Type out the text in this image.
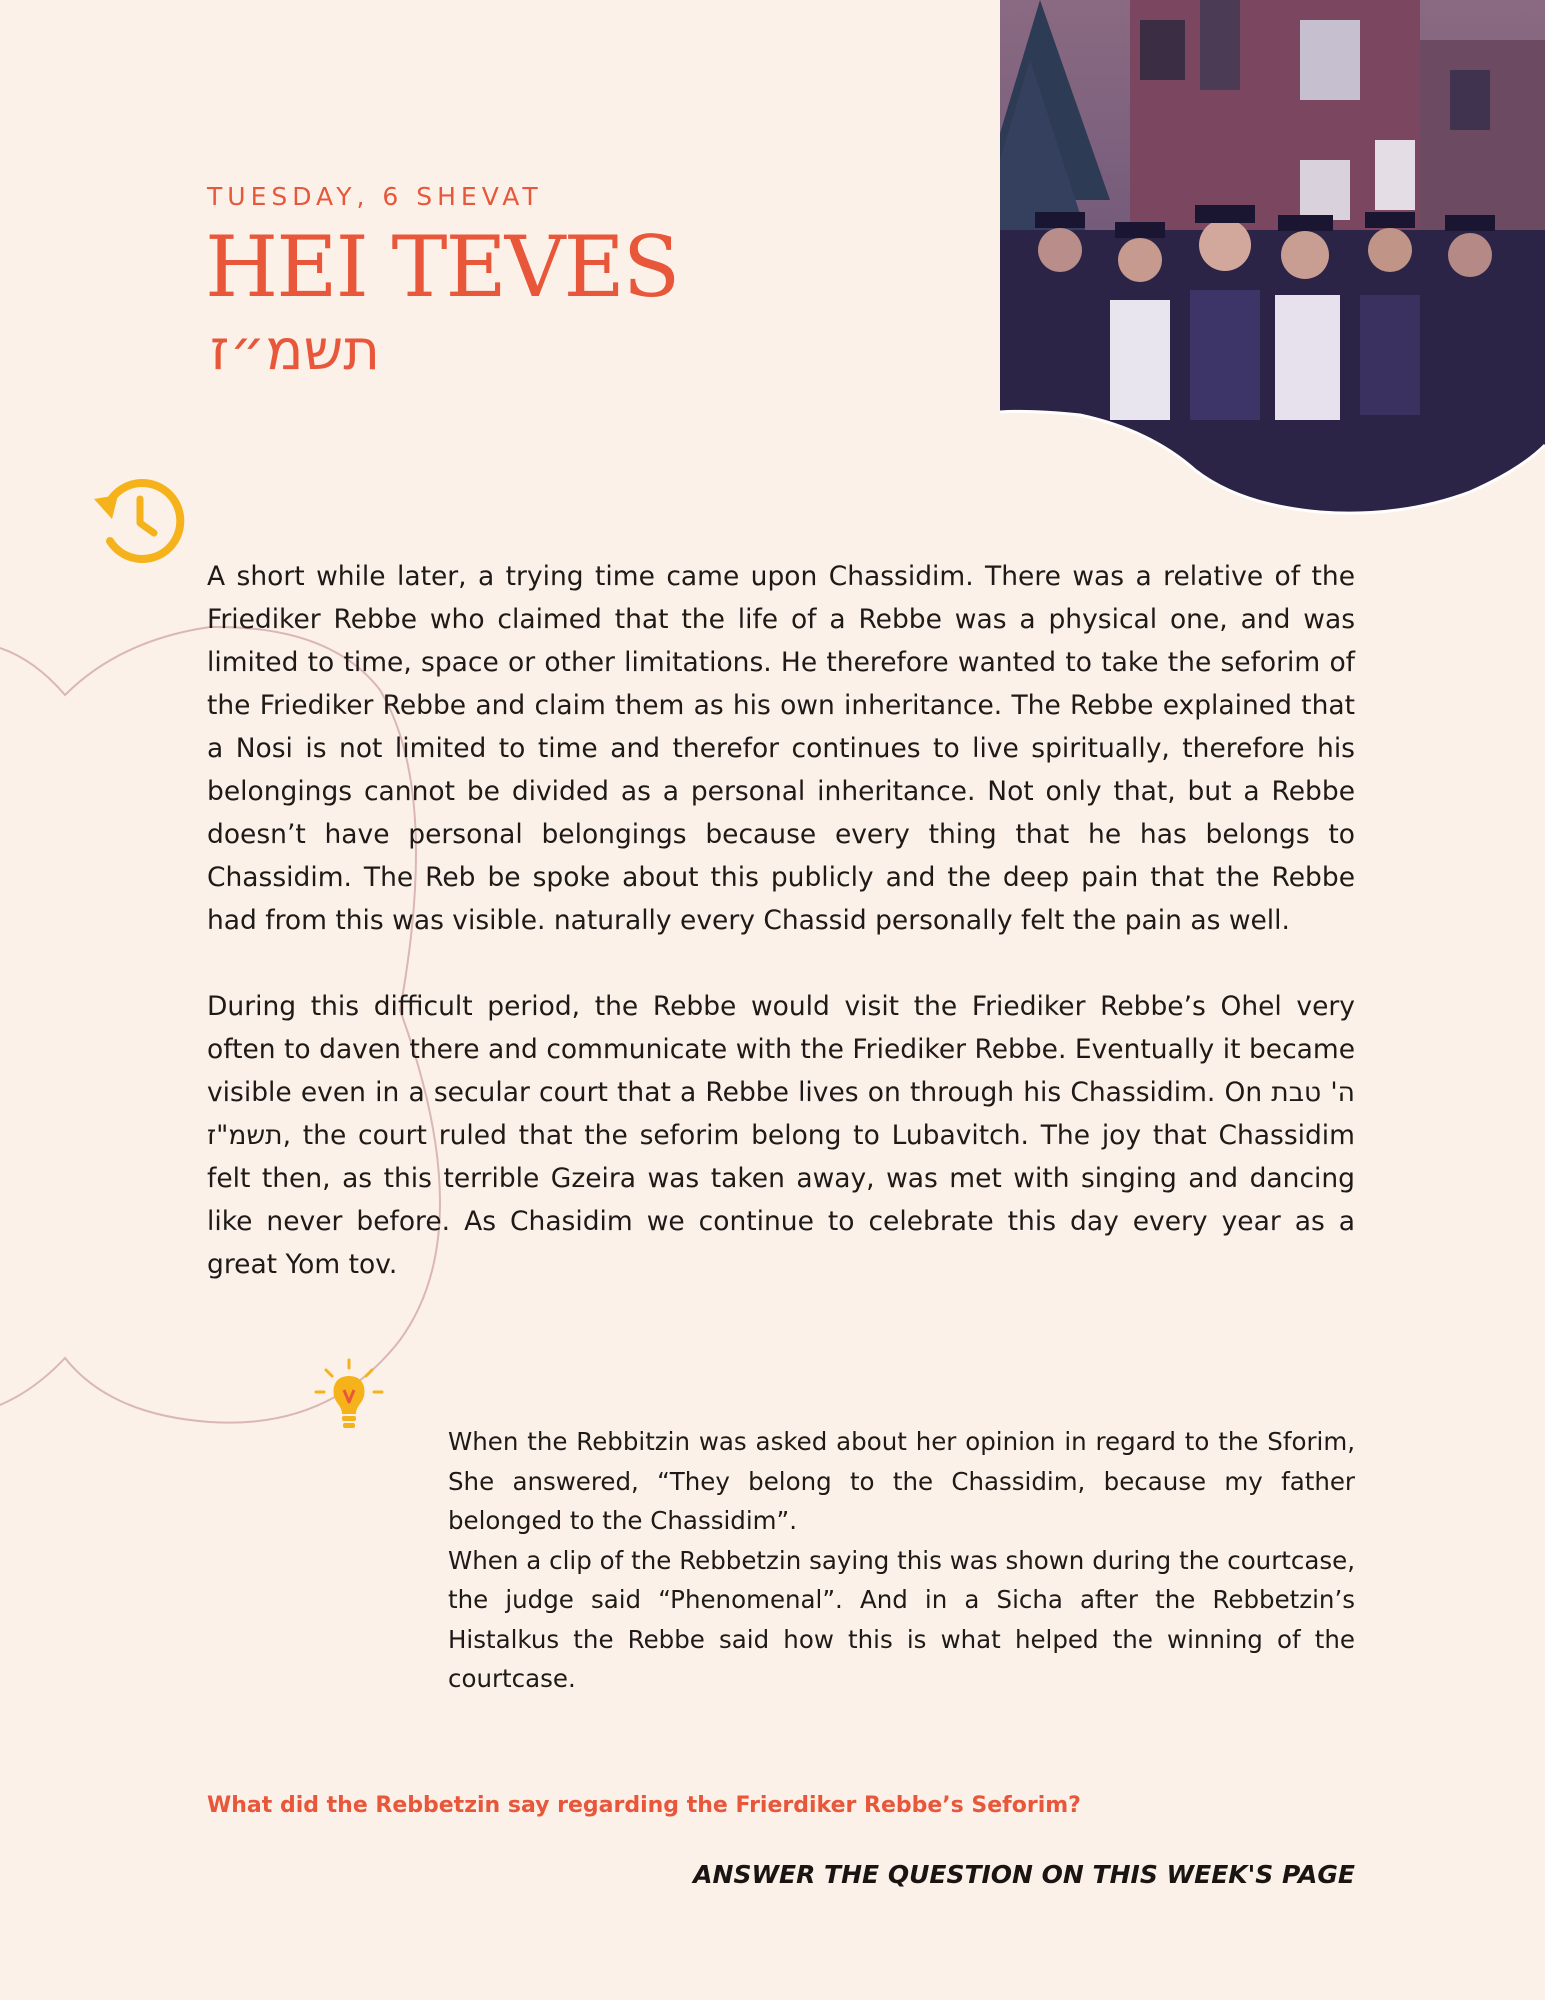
TUESDAY, 6 SHEVAT
HEI TEVES
תשמ״ז

A short while later, a trying time came upon Chassidim. There was a relative of the Friediker Rebbe who claimed that the life of a Rebbe was a physical one, and was limited to time, space or other limitations. He therefore wanted to take the seforim of the Friediker Rebbe and claim them as his own inheritance. The Rebbe explained that a Nosi is not limited to time and therefor continues to live spiritually, therefore his belongings cannot be divided as a personal inheritance. Not only that, but a Rebbe doesn’t have personal belongings because every thing that he has belongs to Chassidim. The Reb be spoke about this publicly and the deep pain that the Rebbe had from this was visible. naturally every Chassid personally felt the pain as well.

During this difficult period, the Rebbe would visit the Friediker Rebbe’s Ohel very often to daven there and communicate with the Friediker Rebbe. Eventually it became visible even in a secular court that a Rebbe lives on through his Chassidim. On ה' טבת תשמ"ז, the court ruled that the seforim belong to Lubavitch. The joy that Chassidim felt then, as this terrible Gzeira was taken away, was met with singing and dancing like never before. As Chasidim we continue to celebrate this day every year as a great Yom tov.

When the Rebbitzin was asked about her opinion in regard to the Sforim, She answered, “They belong to the Chassidim, because my father belonged to the Chassidim”.

When a clip of the Rebbetzin saying this was shown during the courtcase, the judge said “Phenomenal”. And in a Sicha after the Rebbetzin’s Histalkus the Rebbe said how this is what helped the winning of the courtcase.

What did the Rebbetzin say regarding the Frierdiker Rebbe’s Seforim?
ANSWER THE QUESTION ON THIS WEEK'S PAGE
